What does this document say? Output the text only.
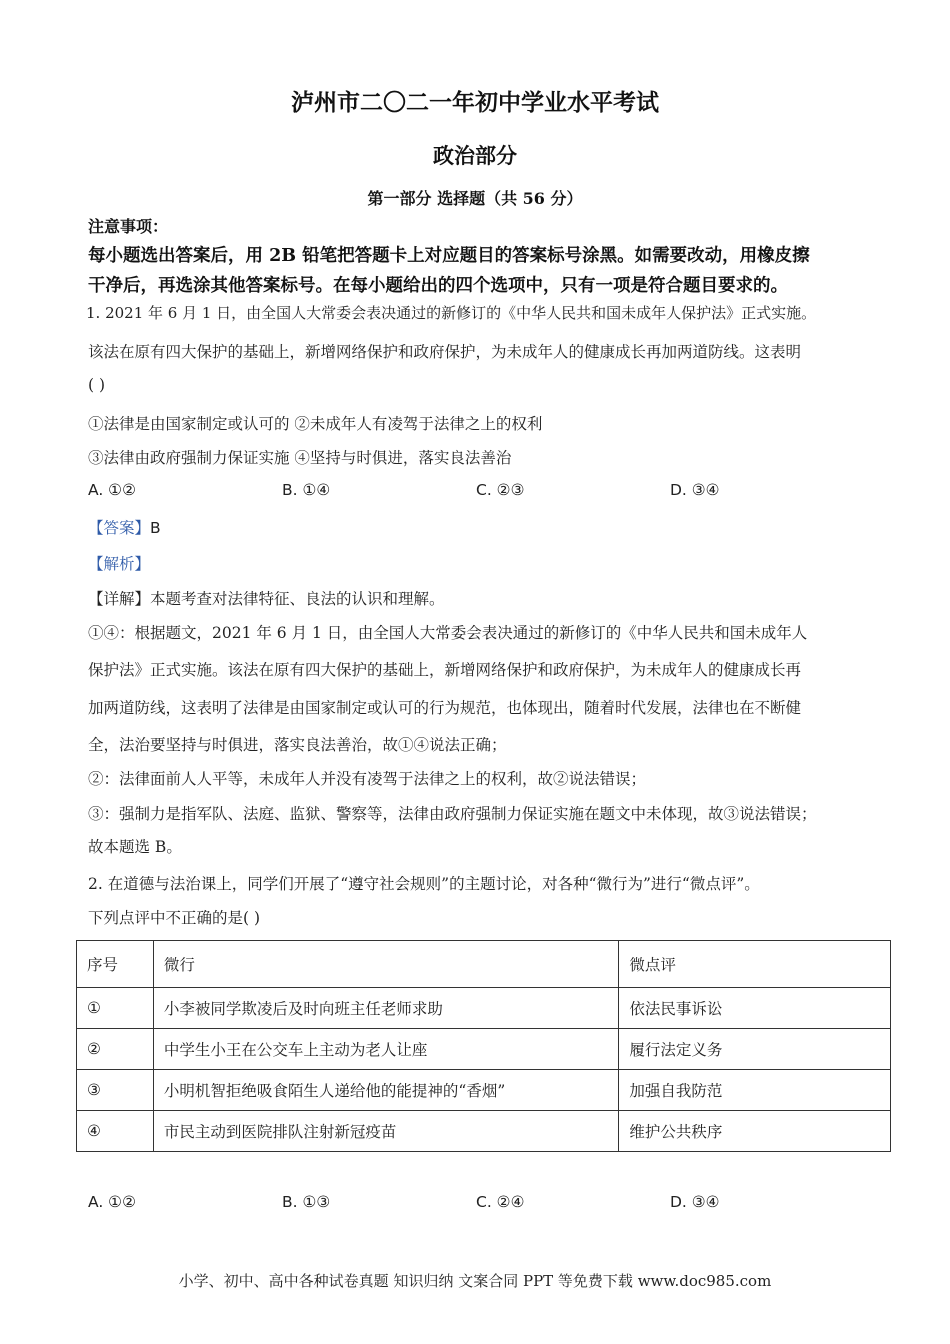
泸州市二〇二一年初中学业水平考试
政治部分
第一部分 选择题（共 56 分）
注意事项：
每小题选出答案后，用 2B 铅笔把答题卡上对应题目的答案标号涂黑。如需要改动，用橡皮擦
干净后，再选涂其他答案标号。在每小题给出的四个选项中，只有一项是符合题目要求的。
1. 2021 年 6 月 1 日，由全国人大常委会表决通过的新修订的《中华人民共和国未成年人保护法》正式实施。
该法在原有四大保护的基础上，新增网络保护和政府保护，为未成年人的健康成长再加两道防线。这表明
( )
①法律是由国家制定或认可的 ②未成年人有凌驾于法律之上的权利
③法律由政府强制力保证实施 ④坚持与时俱进，落实良法善治
A. ①②	B. ①④	C. ②③	D. ③④
【答案】B
【解析】
【详解】本题考查对法律特征、良法的认识和理解。
①④：根据题文，2021 年 6 月 1 日，由全国人大常委会表决通过的新修订的《中华人民共和国未成年人
保护法》正式实施。该法在原有四大保护的基础上，新增网络保护和政府保护，为未成年人的健康成长再
加两道防线，这表明了法律是由国家制定或认可的行为规范，也体现出，随着时代发展，法律也在不断健
全，法治要坚持与时俱进，落实良法善治，故①④说法正确；
②：法律面前人人平等，未成年人并没有凌驾于法律之上的权利，故②说法错误；
③：强制力是指军队、法庭、监狱、警察等，法律由政府强制力保证实施在题文中未体现，故③说法错误；
故本题选 B。
2. 在道德与法治课上，同学们开展了“遵守社会规则”的主题讨论，对各种“微行为”进行“微点评”。
下列点评中不正确的是( )
序号	微行	微点评
①	小李被同学欺凌后及时向班主任老师求助	依法民事诉讼
②	中学生小王在公交车上主动为老人让座	履行法定义务
③	小明机智拒绝吸食陌生人递给他的能提神的“香烟”	加强自我防范
④	市民主动到医院排队注射新冠疫苗	维护公共秩序
A. ①②	B. ①③	C. ②④	D. ③④
小学、初中、高中各种试卷真题 知识归纳 文案合同 PPT 等免费下载 www.doc985.com
